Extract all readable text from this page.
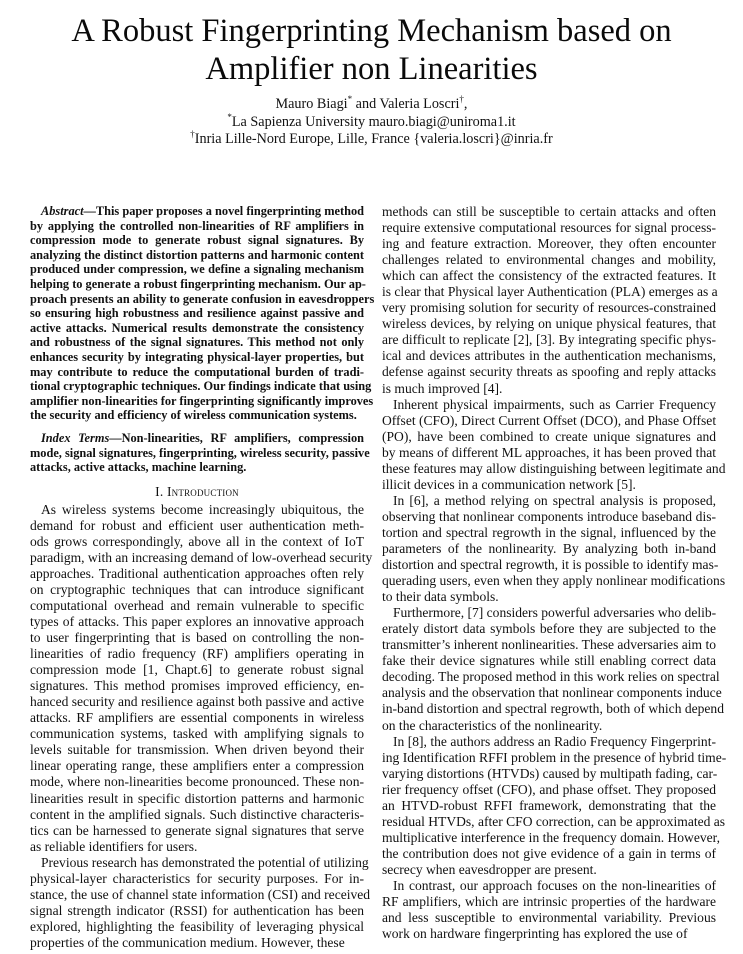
A Robust Fingerprinting Mechanism based on
Amplifier non Linearities
Mauro Biagi* and Valeria Loscri†,
*La Sapienza University mauro.biagi@uniroma1.it
†Inria Lille-Nord Europe, Lille, France {valeria.loscri}@inria.fr

Abstract—This paper proposes a novel fingerprinting method
by applying the controlled non-linearities of RF amplifiers in
compression mode to generate robust signal signatures. By
analyzing the distinct distortion patterns and harmonic content
produced under compression, we define a signaling mechanism
helping to generate a robust fingerprinting mechanism. Our ap-
proach presents an ability to generate confusion in eavesdroppers
so ensuring high robustness and resilience against passive and
active attacks. Numerical results demonstrate the consistency
and robustness of the signal signatures. This method not only
enhances security by integrating physical-layer properties, but
may contribute to reduce the computational burden of tradi-
tional cryptographic techniques. Our findings indicate that using
amplifier non-linearities for fingerprinting significantly improves
the security and efficiency of wireless communication systems.

Index Terms—Non-linearities, RF amplifiers, compression
mode, signal signatures, fingerprinting, wireless security, passive
attacks, active attacks, machine learning.

I. Introduction

As wireless systems become increasingly ubiquitous, the
demand for robust and efficient user authentication meth-
ods grows correspondingly, above all in the context of IoT
paradigm, with an increasing demand of low-overhead security
approaches. Traditional authentication approaches often rely
on cryptographic techniques that can introduce significant
computational overhead and remain vulnerable to specific
types of attacks. This paper explores an innovative approach
to user fingerprinting that is based on controlling the non-
linearities of radio frequency (RF) amplifiers operating in
compression mode [1, Chapt.6] to generate robust signal
signatures. This method promises improved efficiency, en-
hanced security and resilience against both passive and active
attacks. RF amplifiers are essential components in wireless
communication systems, tasked with amplifying signals to
levels suitable for transmission. When driven beyond their
linear operating range, these amplifiers enter a compression
mode, where non-linearities become pronounced. These non-
linearities result in specific distortion patterns and harmonic
content in the amplified signals. Such distinctive characteris-
tics can be harnessed to generate signal signatures that serve
as reliable identifiers for users.

Previous research has demonstrated the potential of utilizing
physical-layer characteristics for security purposes. For in-
stance, the use of channel state information (CSI) and received
signal strength indicator (RSSI) for authentication has been
explored, highlighting the feasibility of leveraging physical
properties of the communication medium. However, these

methods can still be susceptible to certain attacks and often
require extensive computational resources for signal process-
ing and feature extraction. Moreover, they often encounter
challenges related to environmental changes and mobility,
which can affect the consistency of the extracted features. It
is clear that Physical layer Authentication (PLA) emerges as a
very promising solution for security of resources-constrained
wireless devices, by relying on unique physical features, that
are difficult to replicate [2], [3]. By integrating specific phys-
ical and devices attributes in the authentication mechanisms,
defense against security threats as spoofing and reply attacks
is much improved [4].

Inherent physical impairments, such as Carrier Frequency
Offset (CFO), Direct Current Offset (DCO), and Phase Offset
(PO), have been combined to create unique signatures and
by means of different ML approaches, it has been proved that
these features may allow distinguishing between legitimate and
illicit devices in a communication network [5].

In [6], a method relying on spectral analysis is proposed,
observing that nonlinear components introduce baseband dis-
tortion and spectral regrowth in the signal, influenced by the
parameters of the nonlinearity. By analyzing both in-band
distortion and spectral regrowth, it is possible to identify mas-
querading users, even when they apply nonlinear modifications
to their data symbols.

Furthermore, [7] considers powerful adversaries who delib-
erately distort data symbols before they are subjected to the
transmitter’s inherent nonlinearities. These adversaries aim to
fake their device signatures while still enabling correct data
decoding. The proposed method in this work relies on spectral
analysis and the observation that nonlinear components induce
in-band distortion and spectral regrowth, both of which depend
on the characteristics of the nonlinearity.

In [8], the authors address an Radio Frequency Fingerprint-
ing Identification RFFI problem in the presence of hybrid time-
varying distortions (HTVDs) caused by multipath fading, car-
rier frequency offset (CFO), and phase offset. They proposed
an HTVD-robust RFFI framework, demonstrating that the
residual HTVDs, after CFO correction, can be approximated as
multiplicative interference in the frequency domain. However,
the contribution does not give evidence of a gain in terms of
secrecy when eavesdropper are present.

In contrast, our approach focuses on the non-linearities of
RF amplifiers, which are intrinsic properties of the hardware
and less susceptible to environmental variability. Previous
work on hardware fingerprinting has explored the use of
